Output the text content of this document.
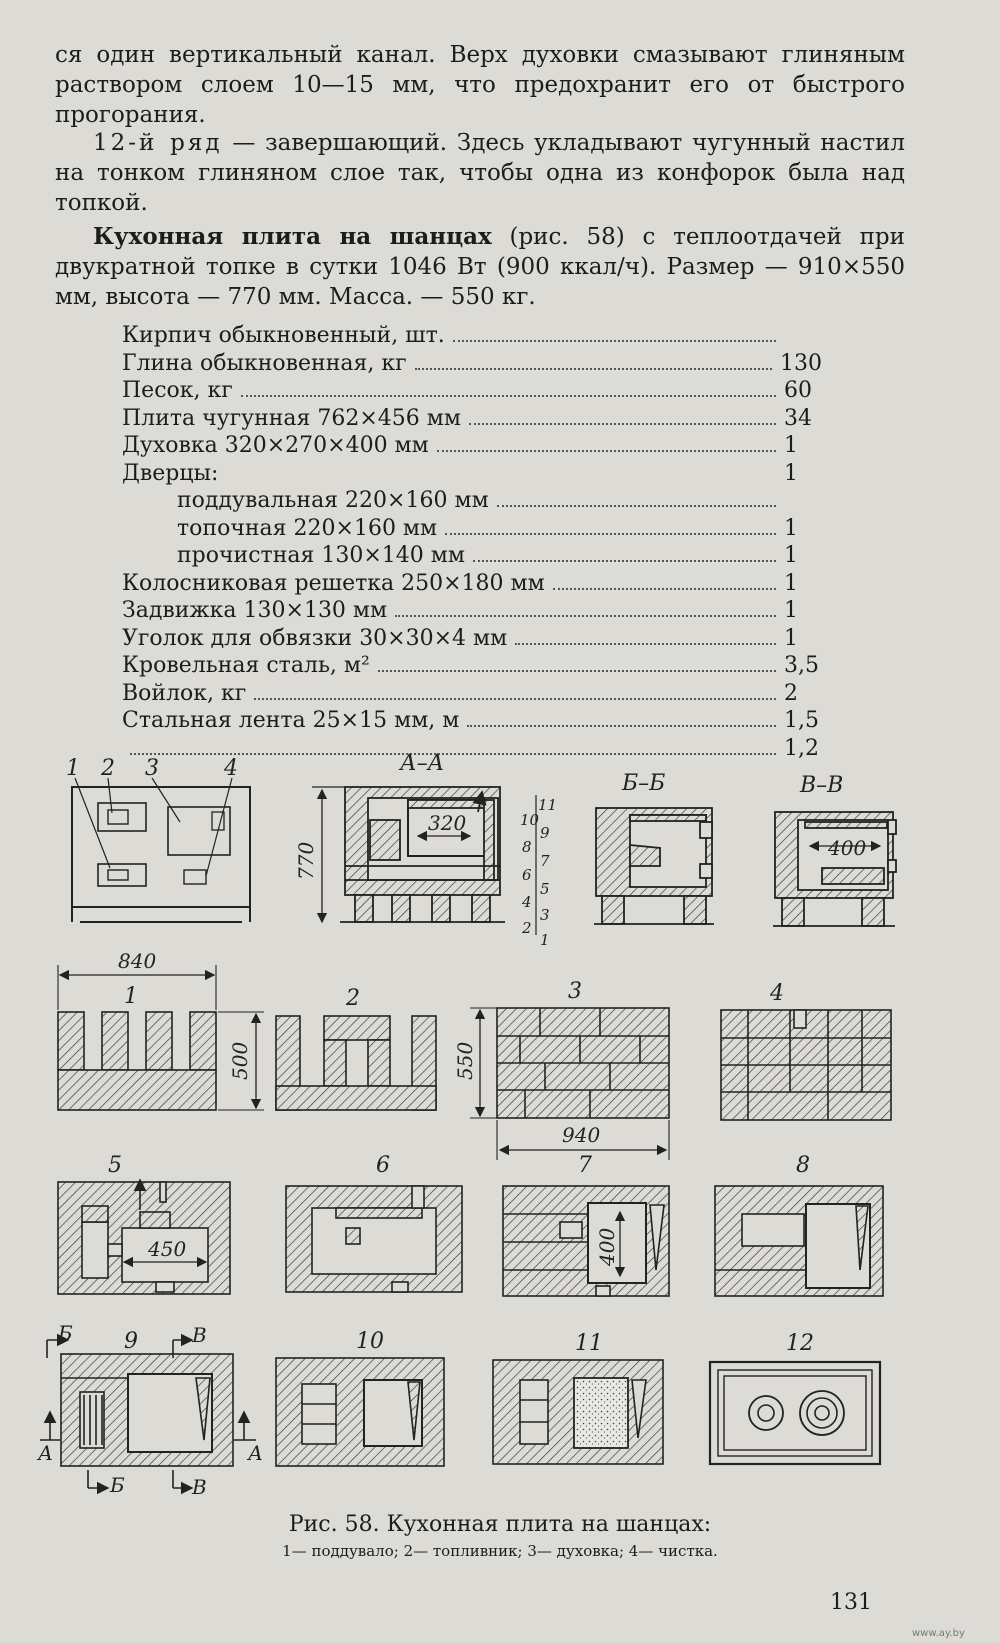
ся один вертикальный канал. Верх духовки смазывают глиняным раствором слоем 10—15 мм, что предохранит его от быстрого прогорания.

12-й ряд — завершающий. Здесь укладывают чугунный настил на тонком глиняном слое так, чтобы одна из конфорок была над топкой.

Кухонная плита на шанцах (рис. 58) с теплоотдачей при двукратной топке в сутки 1046 Вт (900 ккал/ч). Размер — 910×550 мм, высота — 770 мм. Масса. — 550 кг.

Кирпич обыкновенный, шт.
Глина обыкновенная, кг	130
Песок, кг	60
Плита чугунная 762×456 мм	34
Духовка 320×270×400 мм	1
Дверцы:	1
поддувальная 220×160 мм
топочная 220×160 мм	1
прочистная 130×140 мм	1
Колосниковая решетка 250×180 мм	1
Задвижка 130×130 мм	1
Уголок для обвязки 30×30×4 мм	1
Кровельная сталь, м²	3,5
Войлок, кг	2
Стальная лента 25×15 мм, м	1,5
1,2
1 2 3	4	А–А
770
320
11
10
9
8
7
6
5
4
3
2
1
Б–Б	В–В
400
840
1
500
2	3
550
940
4
5
450
6	7
400
8
9
Б	В
Б	В
А	А
10	11	12
Рис. 58. Кухонная плита на шанцах:
1— поддувало; 2— топливник; 3— духовка; 4— чистка.
131
www.ay.by
